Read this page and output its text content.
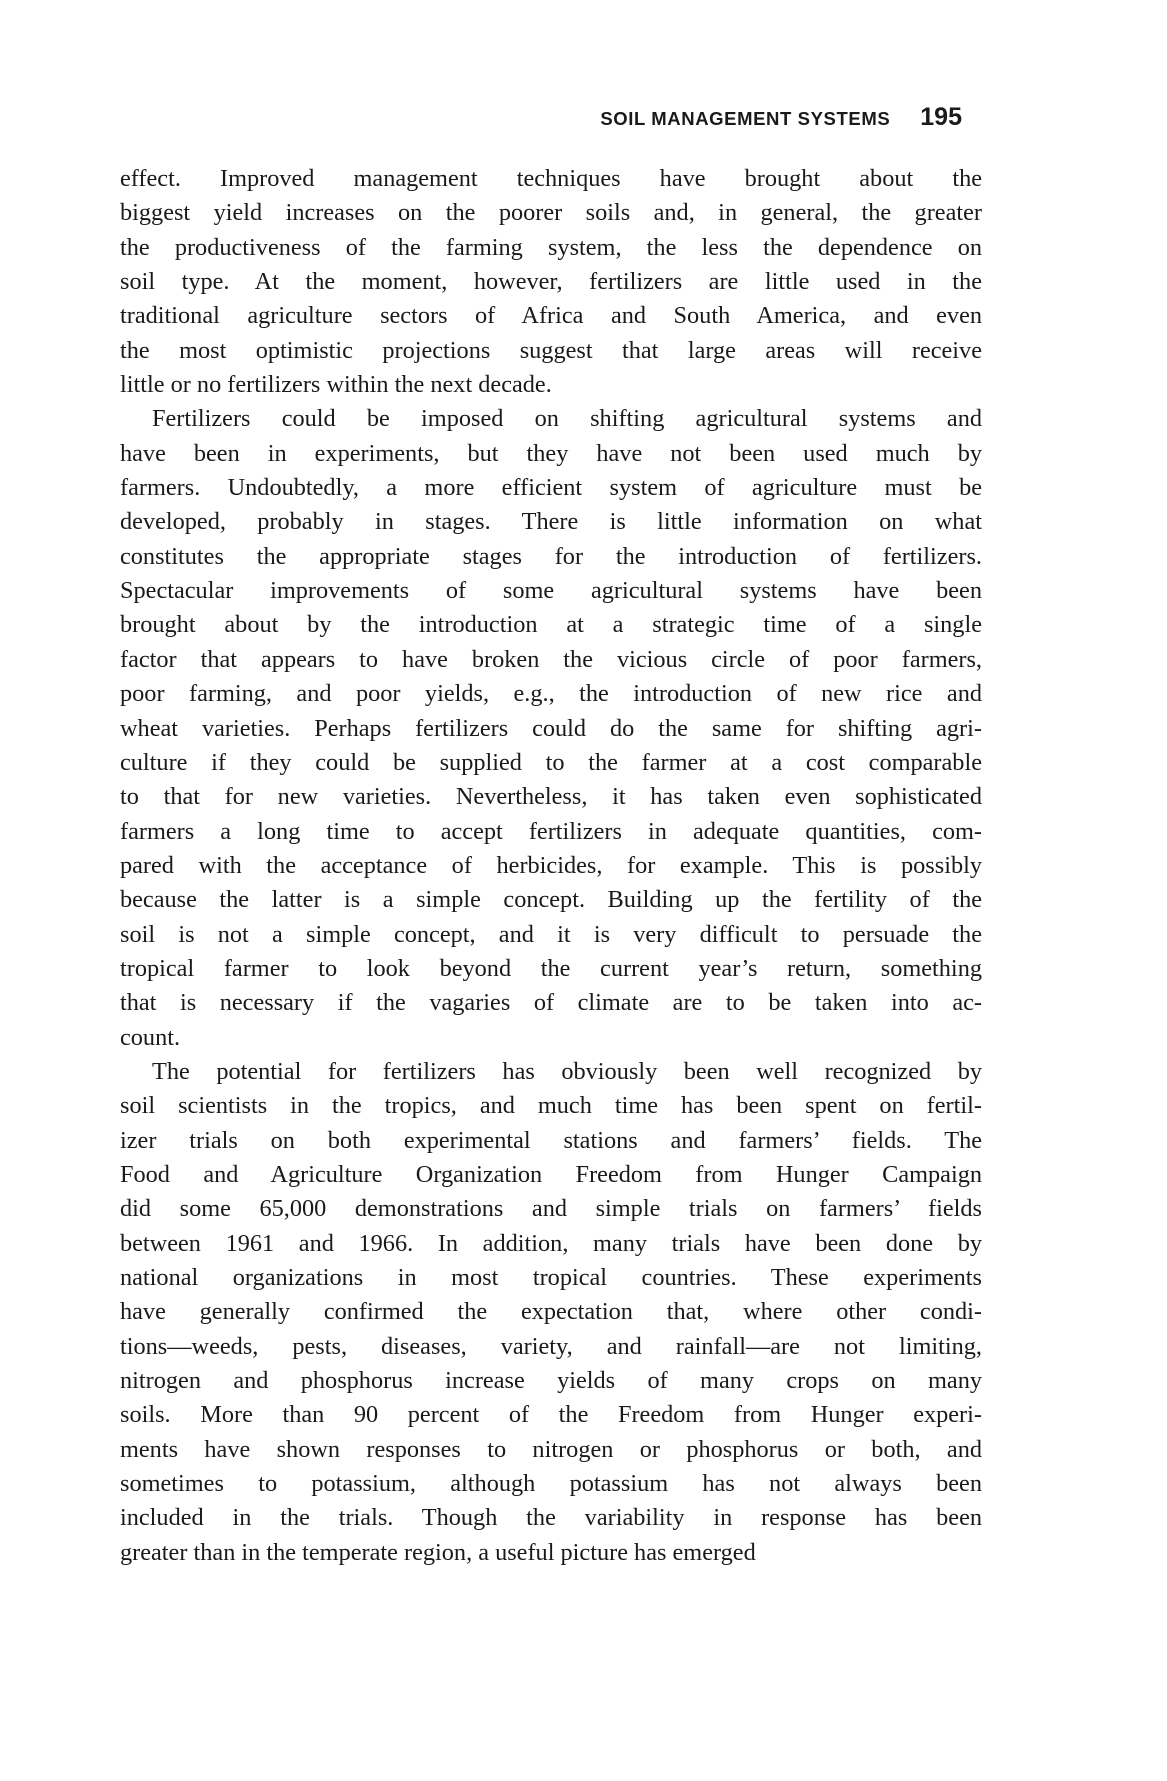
SOIL MANAGEMENT SYSTEMS 195
effect. Improved management techniques have brought about the
biggest yield increases on the poorer soils and, in general, the greater
the productiveness of the farming system, the less the dependence on
soil type. At the moment, however, fertilizers are little used in the
traditional agriculture sectors of Africa and South America, and even
the most optimistic projections suggest that large areas will receive
little or no fertilizers within the next decade.
Fertilizers could be imposed on shifting agricultural systems and
have been in experiments, but they have not been used much by
farmers. Undoubtedly, a more efficient system of agriculture must be
developed, probably in stages. There is little information on what
constitutes the appropriate stages for the introduction of fertilizers.
Spectacular improvements of some agricultural systems have been
brought about by the introduction at a strategic time of a single
factor that appears to have broken the vicious circle of poor farmers,
poor farming, and poor yields, e.g., the introduction of new rice and
wheat varieties. Perhaps fertilizers could do the same for shifting agri-
culture if they could be supplied to the farmer at a cost comparable
to that for new varieties. Nevertheless, it has taken even sophisticated
farmers a long time to accept fertilizers in adequate quantities, com-
pared with the acceptance of herbicides, for example. This is possibly
because the latter is a simple concept. Building up the fertility of the
soil is not a simple concept, and it is very difficult to persuade the
tropical farmer to look beyond the current year’s return, something
that is necessary if the vagaries of climate are to be taken into ac-
count.
The potential for fertilizers has obviously been well recognized by
soil scientists in the tropics, and much time has been spent on fertil-
izer trials on both experimental stations and farmers’ fields. The
Food and Agriculture Organization Freedom from Hunger Campaign
did some 65,000 demonstrations and simple trials on farmers’ fields
between 1961 and 1966. In addition, many trials have been done by
national organizations in most tropical countries. These experiments
have generally confirmed the expectation that, where other condi-
tions—weeds, pests, diseases, variety, and rainfall—are not limiting,
nitrogen and phosphorus increase yields of many crops on many
soils. More than 90 percent of the Freedom from Hunger experi-
ments have shown responses to nitrogen or phosphorus or both, and
sometimes to potassium, although potassium has not always been
included in the trials. Though the variability in response has been
greater than in the temperate region, a useful picture has emerged
